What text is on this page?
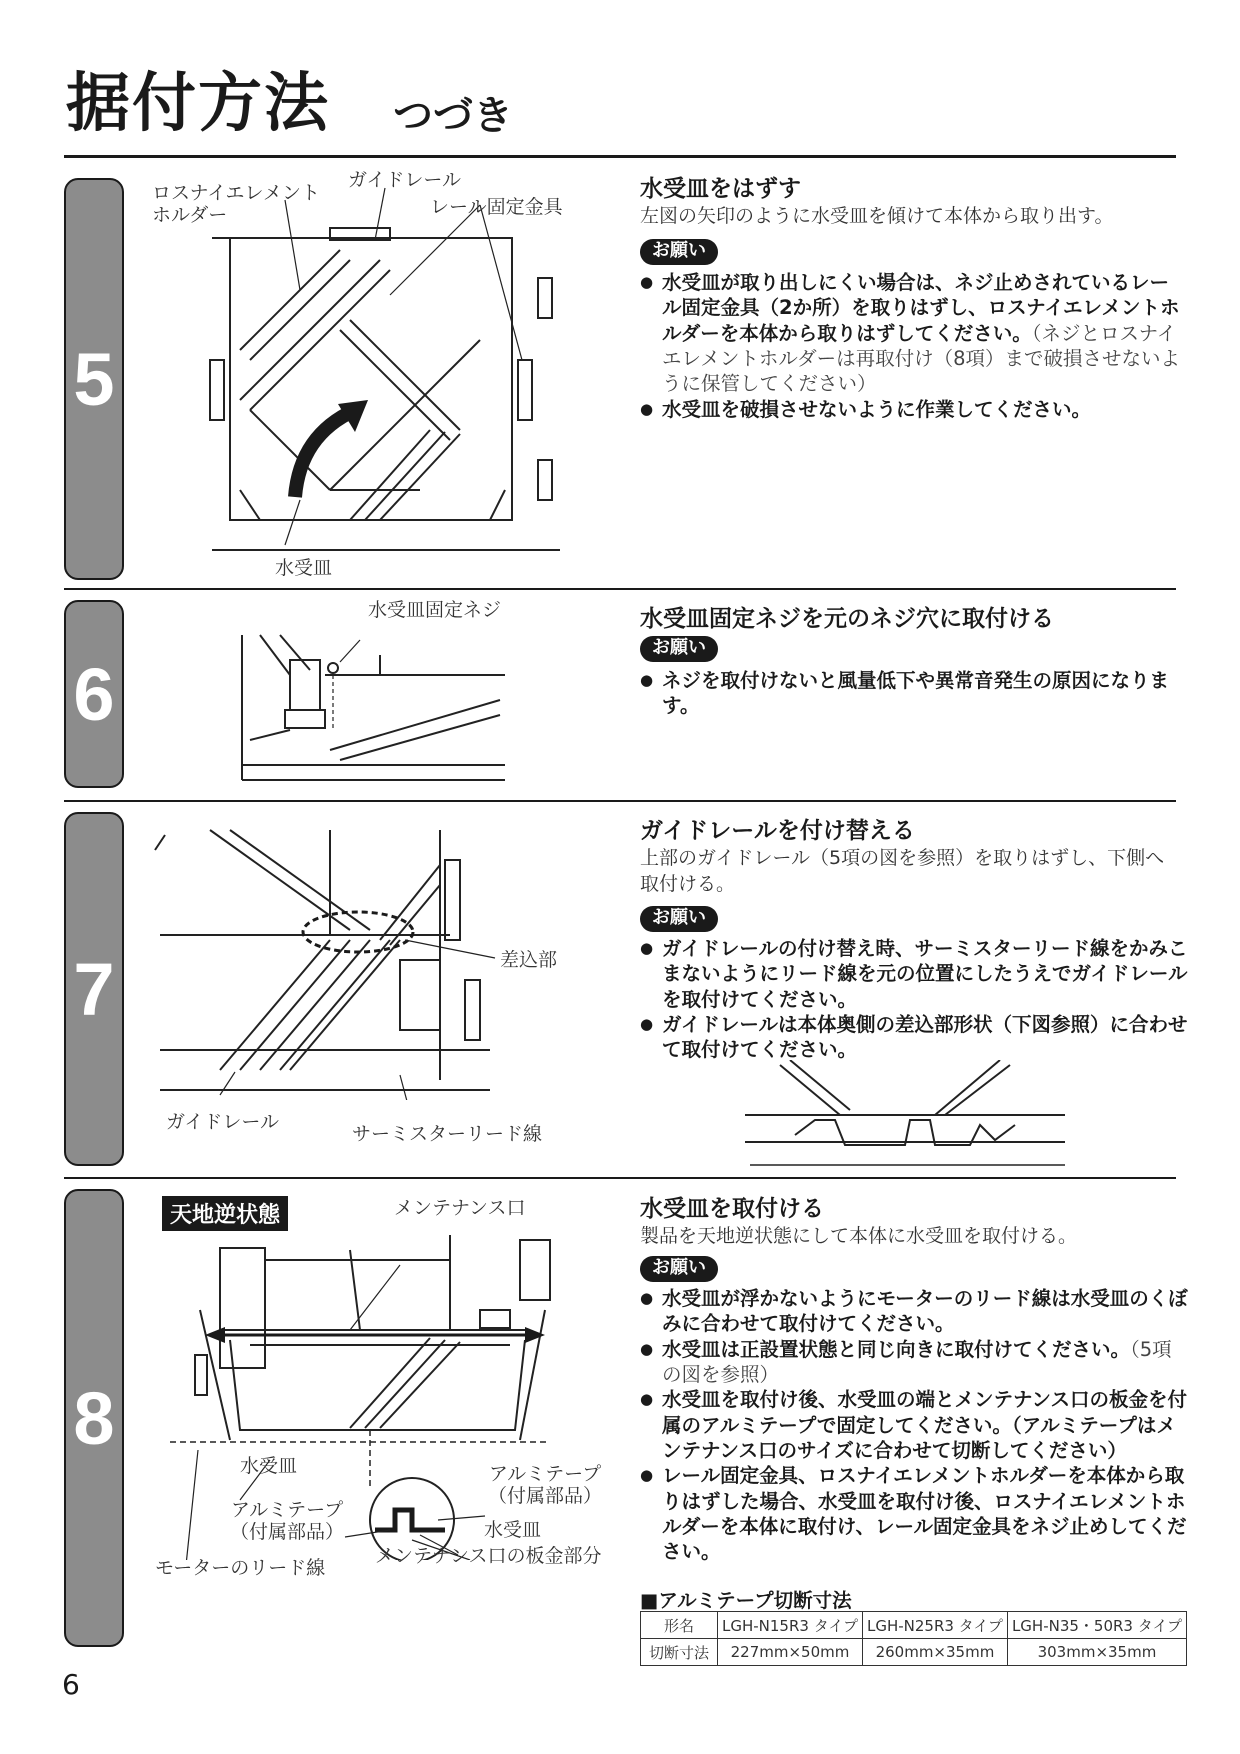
据付方法 つづき
5
ロスナイエレメント
ホルダー
ガイドレール
レール固定金具
水受皿
水受皿をはずす
左図の矢印のように水受皿を傾けて本体から取り出す。
お願い
● 水受皿が取り出しにくい場合は、ネジ止めされているレール固定金具（2か所）を取りはずし、ロスナイエレメントホルダーを本体から取りはずしてください。（ネジとロスナイエレメントホルダーは再取付け（8項）まで破損させないように保管してください）
● 水受皿を破損させないように作業してください。
6
水受皿固定ネジ	水受皿固定ネジを元のネジ穴に取付ける
お願い
● ネジを取付けないと風量低下や異常音発生の原因になります。
7	差込部
ガイドレール
サーミスターリード線
ガイドレールを付け替える
上部のガイドレール（5項の図を参照）を取りはずし、下側へ取付ける。
お願い
● ガイドレールの付け替え時、サーミスターリード線をかみこまないようにリード線を元の位置にしたうえでガイドレールを取付けてください。
● ガイドレールは本体奥側の差込部形状（下図参照）に合わせて取付けてください。
8
天地逆状態	メンテナンス口
水受皿	アルミテープ
（付属部品）
アルミテープ
（付属部品）	水受皿
モーターのリード線
メンテナンス口の板金部分
水受皿を取付ける
製品を天地逆状態にして本体に水受皿を取付ける。
お願い
● 水受皿が浮かないようにモーターのリード線は水受皿のくぼみに合わせて取付けてください。
● 水受皿は正設置状態と同じ向きに取付けてください。（5項の図を参照）
● 水受皿を取付け後、水受皿の端とメンテナンス口の板金を付属のアルミテープで固定してください。（アルミテープはメンテナンス口のサイズに合わせて切断してください）
● レール固定金具、ロスナイエレメントホルダーを本体から取りはずした場合、水受皿を取付け後、ロスナイエレメントホルダーを本体に取付け、レール固定金具をネジ止めしてください。
■アルミテープ切断寸法
形名	LGH-N15R3 タイプ	LGH-N25R3 タイプ	LGH-N35・50R3 タイプ
切断寸法	227mm×50mm	260mm×35mm	303mm×35mm
6
